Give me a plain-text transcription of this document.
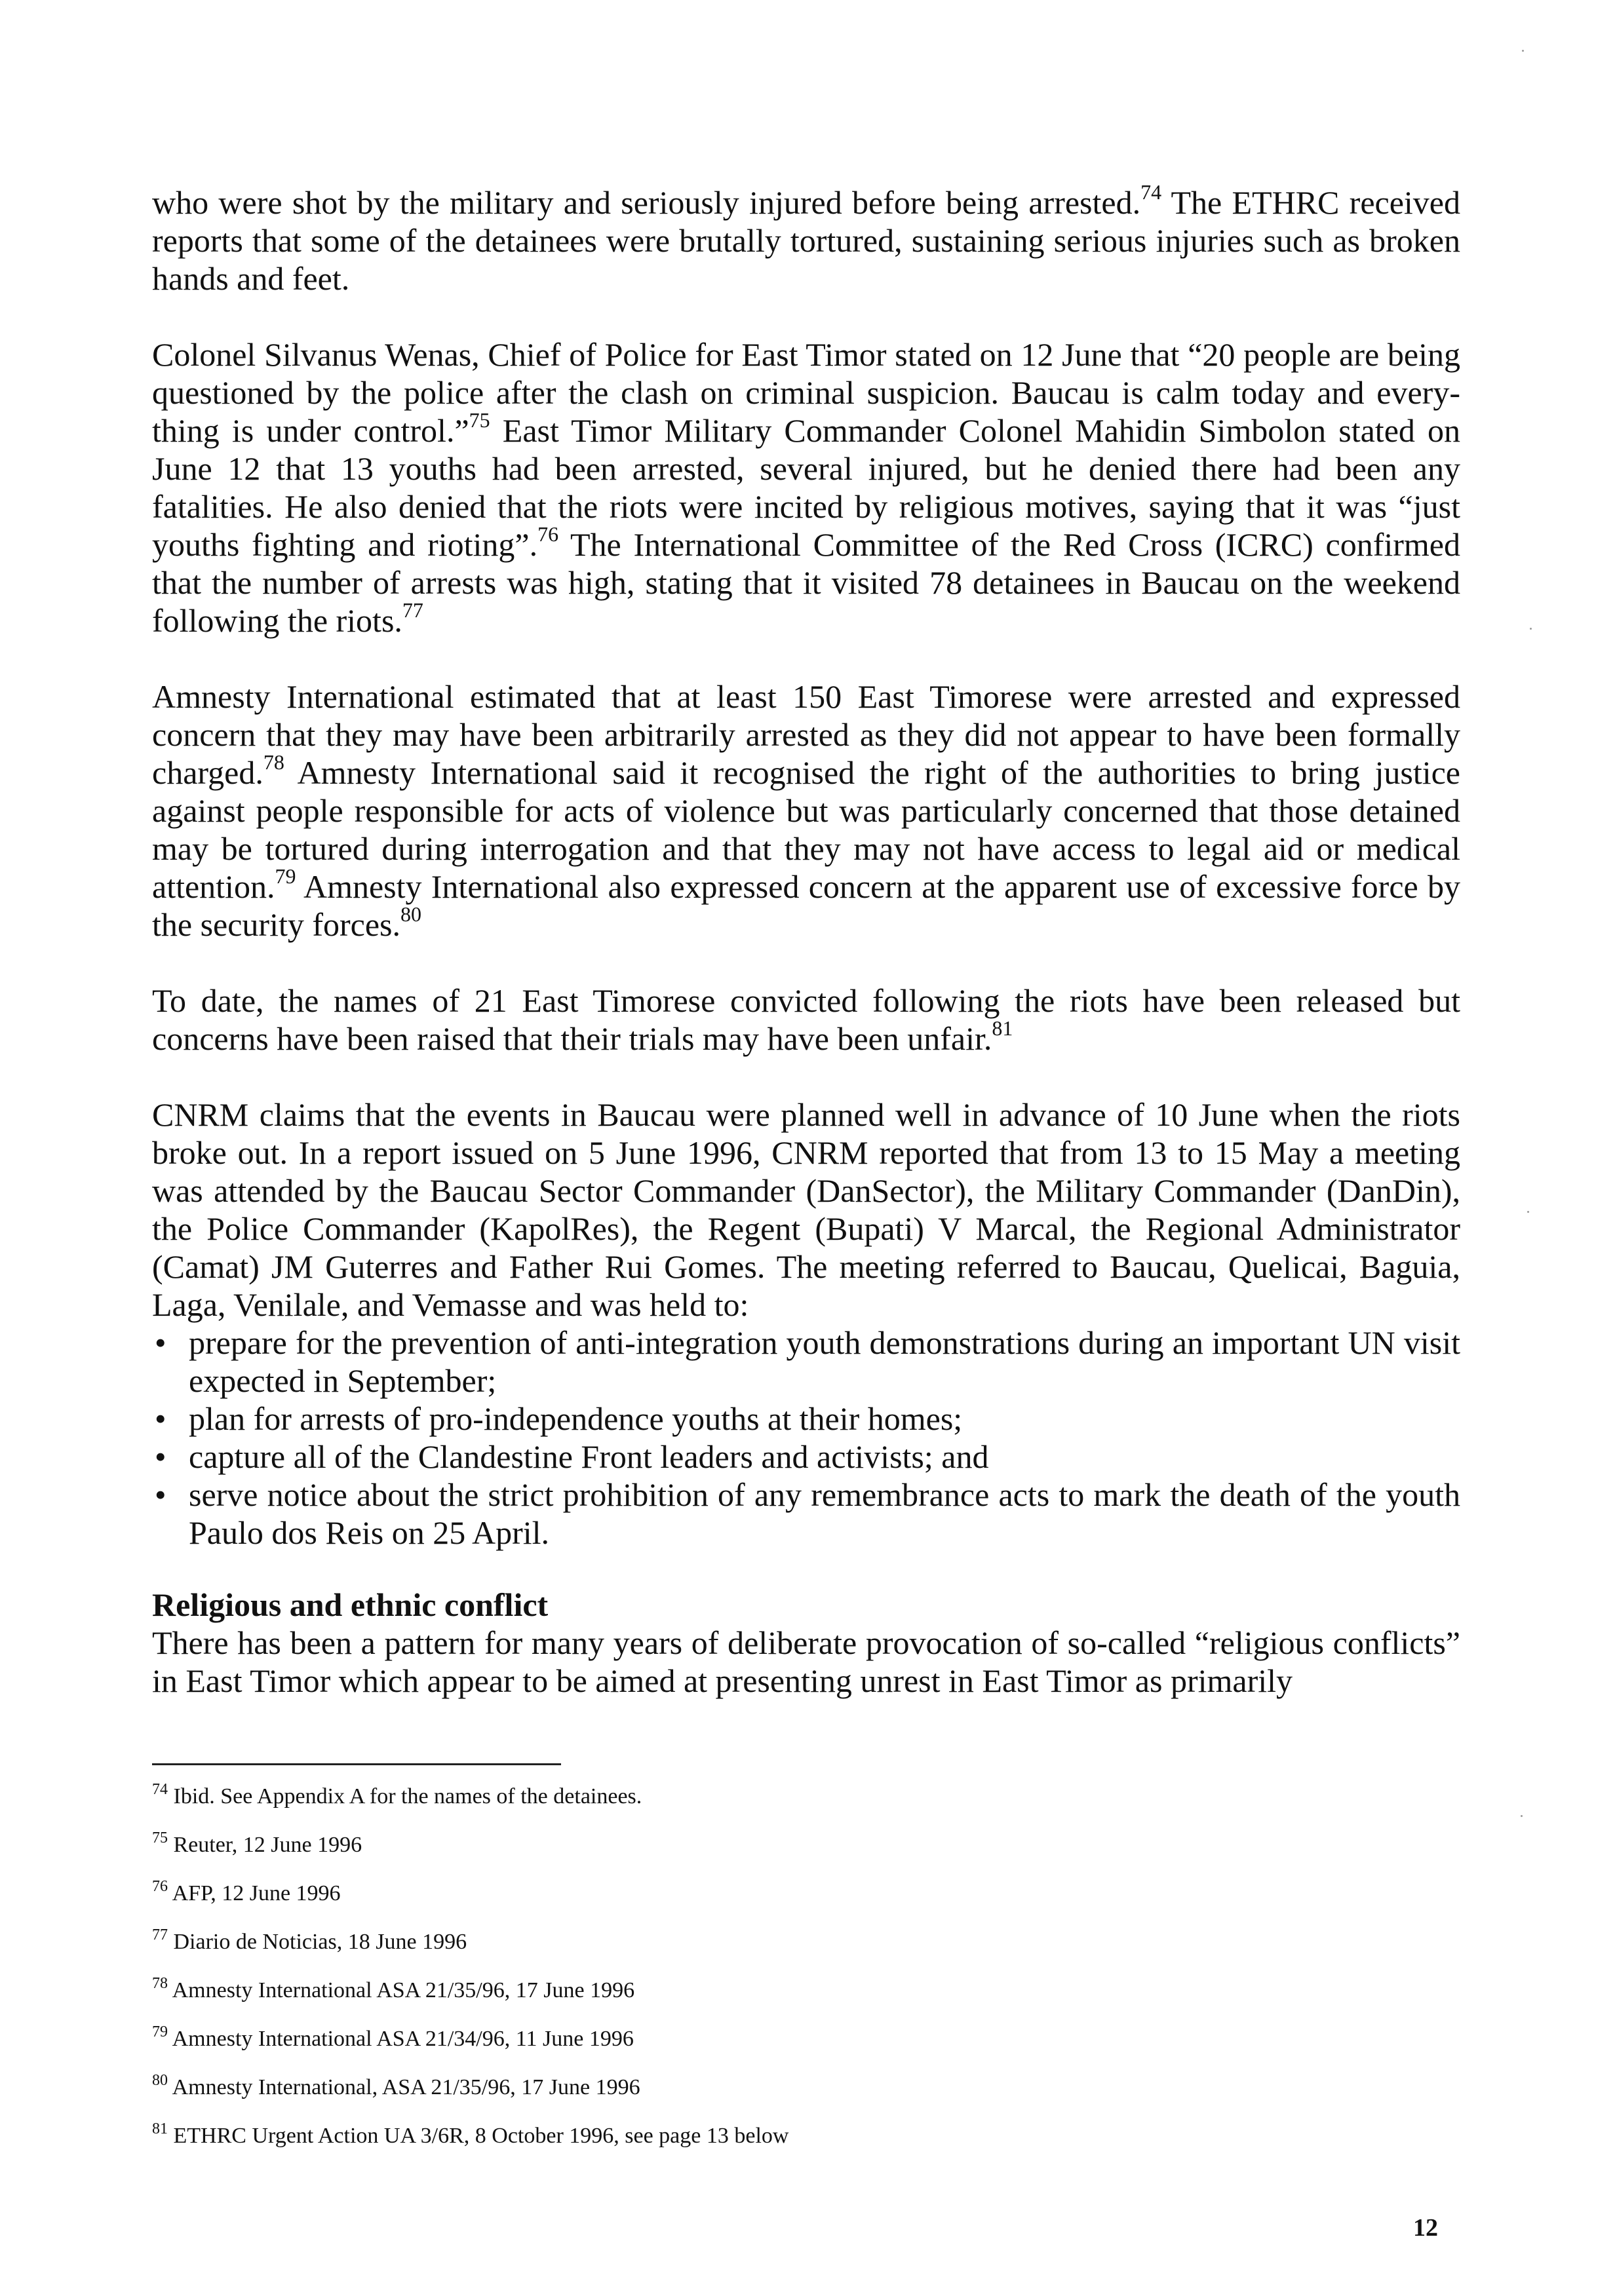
who were shot by the military and seriously injured before being arrested.$^{74}$ The ETHRC received reports that some of the detainees were brutally tortured, sustaining serious injuries such as broken hands and feet.

Colonel Silvanus Wenas, Chief of Police for East Timor stated on 12 June that “20 people are being questioned by the police after the clash on criminal suspicion. Baucau is calm today and every-thing is under control.”$^{75}$ East Timor Military Commander Colonel Mahidin Simbolon stated on June 12 that 13 youths had been arrested, several injured, but he denied there had been any fatalities. He also denied that the riots were incited by religious motives, saying that it was “just youths fighting and rioting”.$^{76}$ The International Committee of the Red Cross (ICRC) confirmed that the number of arrests was high, stating that it visited 78 detainees in Baucau on the weekend following the riots.$^{77}$

Amnesty International estimated that at least 150 East Timorese were arrested and expressed concern that they may have been arbitrarily arrested as they did not appear to have been formally charged.$^{78}$ Amnesty International said it recognised the right of the authorities to bring justice against people responsible for acts of violence but was particularly concerned that those detained may be tortured during interrogation and that they may not have access to legal aid or medical attention.$^{79}$ Amnesty International also expressed concern at the apparent use of excessive force by the security forces.$^{80}$

To date, the names of 21 East Timorese convicted following the riots have been released but concerns have been raised that their trials may have been unfair.$^{81}$

CNRM claims that the events in Baucau were planned well in advance of 10 June when the riots broke out. In a report issued on 5 June 1996, CNRM reported that from 13 to 15 May a meeting was attended by the Baucau Sector Commander (DanSector), the Military Commander (DanDin), the Police Commander (KapolRes), the Regent (Bupati) V Marcal, the Regional Administrator (Camat) JM Guterres and Father Rui Gomes. The meeting referred to Baucau, Quelicai, Baguia, Laga, Venilale, and Vemasse and was held to:

• prepare for the prevention of anti-integration youth demonstrations during an important UN visit expected in September;
• plan for arrests of pro-independence youths at their homes;
• capture all of the Clandestine Front leaders and activists; and
• serve notice about the strict prohibition of any remembrance acts to mark the death of the youth Paulo dos Reis on 25 April.

Religious and ethnic conflict

There has been a pattern for many years of deliberate provocation of so-called “religious conflicts” in East Timor which appear to be aimed at presenting unrest in East Timor as primarily

$^{74}$ Ibid. See Appendix A for the names of the detainees.

$^{75}$ Reuter, 12 June 1996

$^{76}$ AFP, 12 June 1996

$^{77}$ Diario de Noticias, 18 June 1996

$^{78}$ Amnesty International ASA 21/35/96, 17 June 1996

$^{79}$ Amnesty International ASA 21/34/96, 11 June 1996

$^{80}$ Amnesty International, ASA 21/35/96, 17 June 1996

$^{81}$ ETHRC Urgent Action UA 3/6R, 8 October 1996, see page 13 below

12
